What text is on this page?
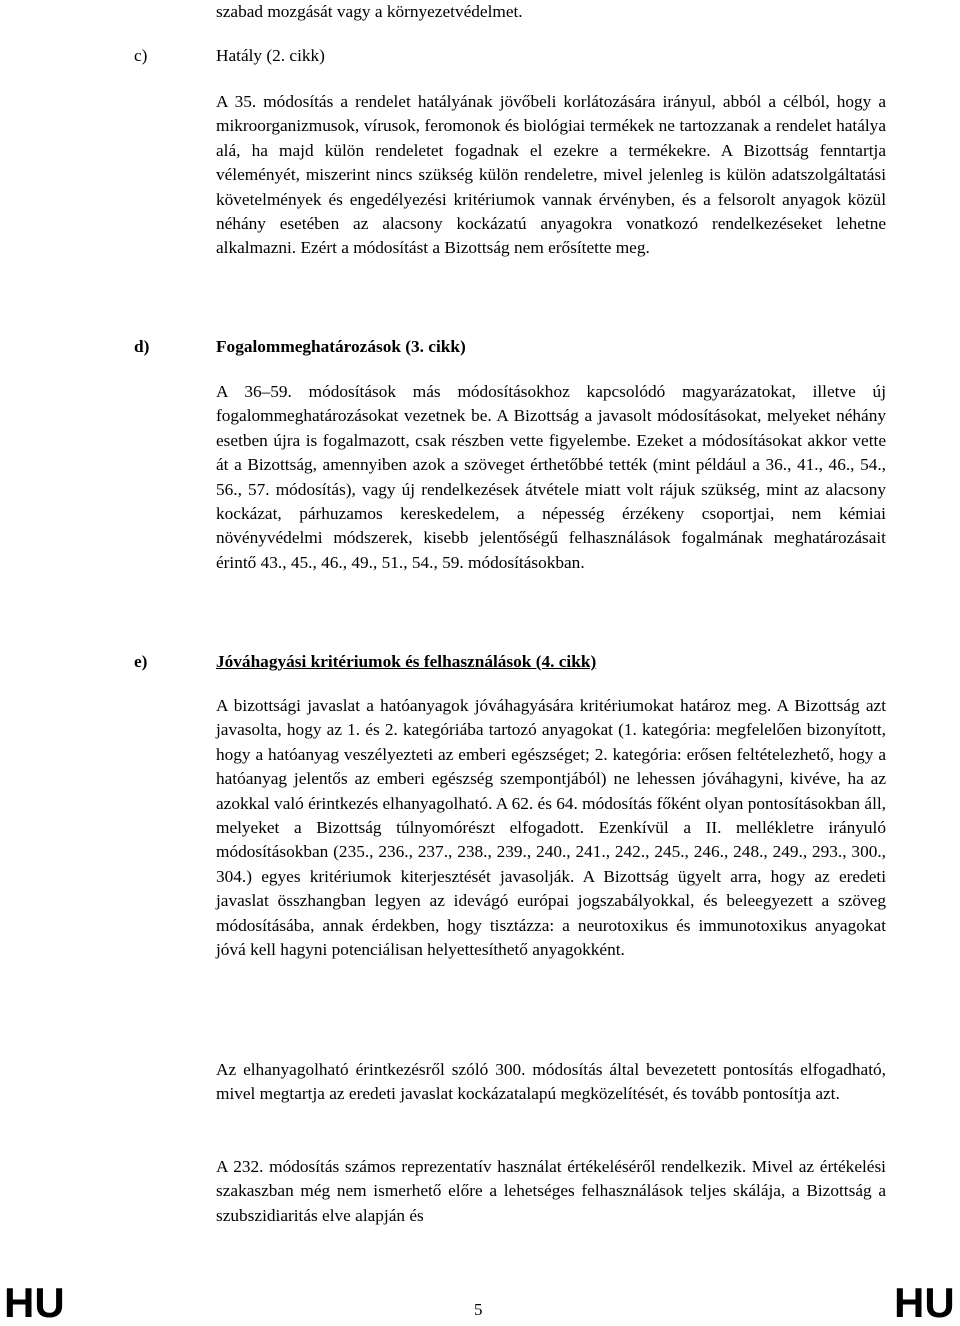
szabad mozgását vagy a környezetvédelmet.
c)	Hatály (2. cikk)

A 35. módosítás a rendelet hatályának jövőbeli korlátozására irányul, abból a célból, hogy a mikroorganizmusok, vírusok, feromonok és biológiai termékek ne tartozzanak a rendelet hatálya alá, ha majd külön rendeletet fogadnak el ezekre a termékekre. A Bizottság fenntartja véleményét, miszerint nincs szükség külön rendeletre, mivel jelenleg is külön adatszolgáltatási követelmények és engedélyezési kritériumok vannak érvényben, és a felsorolt anyagok közül néhány esetében az alacsony kockázatú anyagokra vonatkozó rendelkezéseket lehetne alkalmazni. Ezért a módosítást a Bizottság nem erősítette meg.

d)	Fogalommeghatározások (3. cikk)

A 36–59. módosítások más módosításokhoz kapcsolódó magyarázatokat, illetve új fogalommeghatározásokat vezetnek be. A Bizottság a javasolt módosításokat, melyeket néhány esetben újra is fogalmazott, csak részben vette figyelembe. Ezeket a módosításokat akkor vette át a Bizottság, amennyiben azok a szöveget érthetőbbé tették (mint például a 36., 41., 46., 54., 56., 57. módosítás), vagy új rendelkezések átvétele miatt volt rájuk szükség, mint az alacsony kockázat, párhuzamos kereskedelem, a népesség érzékeny csoportjai, nem kémiai növényvédelmi módszerek, kisebb jelentőségű felhasználások fogalmának meghatározásait érintő 43., 45., 46., 49., 51., 54., 59. módosításokban.

e)	Jóváhagyási kritériumok és felhasználások (4. cikk)

A bizottsági javaslat a hatóanyagok jóváhagyására kritériumokat határoz meg. A Bizottság azt javasolta, hogy az 1. és 2. kategóriába tartozó anyagokat (1. kategória: megfelelően bizonyított, hogy a hatóanyag veszélyezteti az emberi egészséget; 2. kategória: erősen feltételezhető, hogy a hatóanyag jelentős az emberi egészség szempontjából) ne lehessen jóváhagyni, kivéve, ha az azokkal való érintkezés elhanyagolható. A 62. és 64. módosítás főként olyan pontosításokban áll, melyeket a Bizottság túlnyomórészt elfogadott. Ezenkívül a II. mellékletre irányuló módosításokban (235., 236., 237., 238., 239., 240., 241., 242., 245., 246., 248., 249., 293., 300., 304.) egyes kritériumok kiterjesztését javasolják. A Bizottság ügyelt arra, hogy az eredeti javaslat összhangban legyen az idevágó európai jogszabályokkal, és beleegyezett a szöveg módosításába, annak érdekben, hogy tisztázza: a neurotoxikus és immunotoxikus anyagokat jóvá kell hagyni potenciálisan helyettesíthető anyagokként.

Az elhanyagolható érintkezésről szóló 300. módosítás által bevezetett pontosítás elfogadható, mivel megtartja az eredeti javaslat kockázatalapú megközelítését, és tovább pontosítja azt.

A 232. módosítás számos reprezentatív használat értékeléséről rendelkezik. Mivel az értékelési szakaszban még nem ismerhető előre a lehetséges felhasználások teljes skálája, a Bizottság a szubszidiaritás elve alapján és

HU	5	HU
